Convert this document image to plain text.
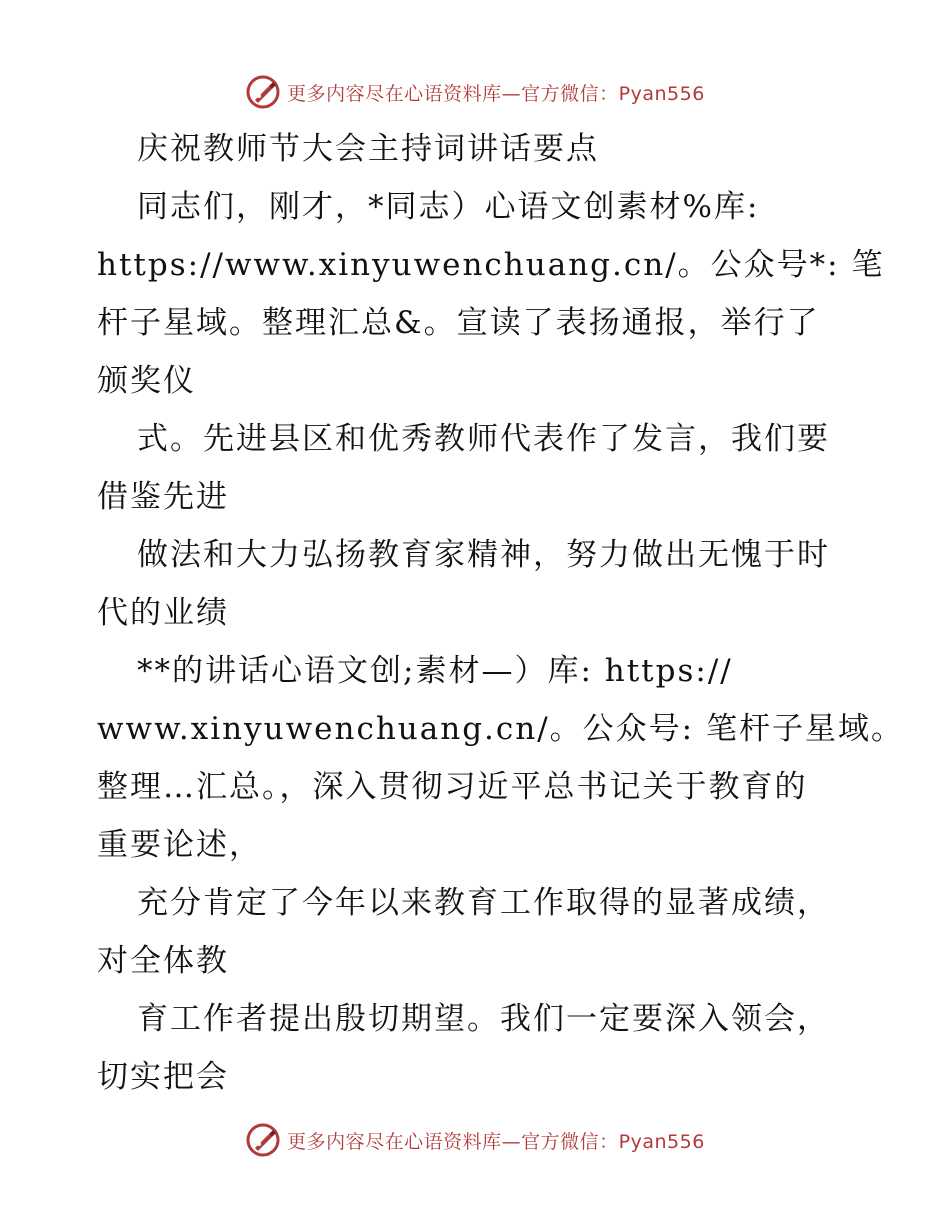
更多内容尽在心语资料库—官方微信：Pyan556
庆祝教师节大会主持词讲话要点
同志们，刚才，*同志）心语文创素材%库:
https://www.xinyuwenchuang.cn/。公众号*: 笔
杆子星域。整理汇总&。宣读了表扬通报，举行了
颁奖仪
式。先进县区和优秀教师代表作了发言，我们要
借鉴先进
做法和大力弘扬教育家精神，努力做出无愧于时
代的业绩
**的讲话心语文创;素材—）库: https://
www.xinyuwenchuang.cn/。公众号: 笔杆子星域。
整理…汇总。，深入贯彻习近平总书记关于教育的
重要论述，
充分肯定了今年以来教育工作取得的显著成绩，
对全体教
育工作者提出殷切期望。我们一定要深入领会，
切实把会
更多内容尽在心语资料库—官方微信：Pyan556
